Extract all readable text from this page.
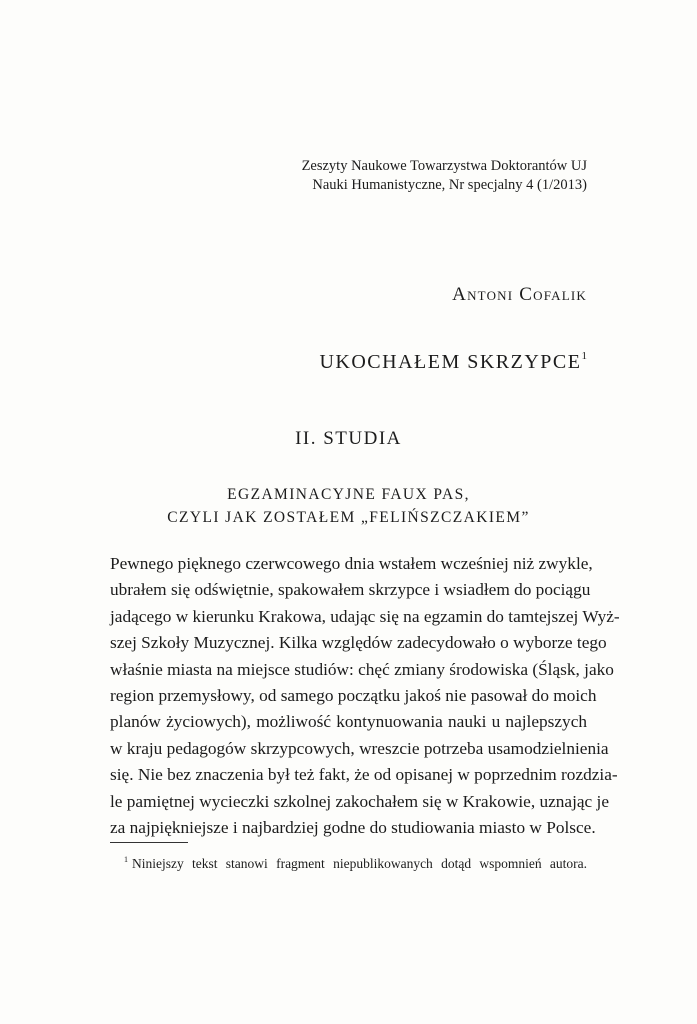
Zeszyty Naukowe Towarzystwa Doktorantów UJ
Nauki Humanistyczne, Nr specjalny 4 (1/2013)
Antoni Cofalik
UKOCHAŁEM SKRZYPCE$^1$
II. STUDIA
EGZAMINACYJNE FAUX PAS,
CZYLI JAK ZOSTAŁEM „FELIŃSZCZAKIEM”
Pewnego pięknego czerwcowego dnia wstałem wcześniej niż zwykle,
ubrałem się odświętnie, spakowałem skrzypce i wsiadłem do pociągu
jadącego w kierunku Krakowa, udając się na egzamin do tamtejszej Wyż-
szej Szkoły Muzycznej. Kilka względów zadecydowało o wyborze tego
właśnie miasta na miejsce studiów: chęć zmiany środowiska (Śląsk, jako
region przemysłowy, od samego początku jakoś nie pasował do moich
planów życiowych), możliwość kontynuowania nauki u najlepszych
w kraju pedagogów skrzypcowych, wreszcie potrzeba usamodzielnienia
się. Nie bez znaczenia był też fakt, że od opisanej w poprzednim rozdzia-
le pamiętnej wycieczki szkolnej zakochałem się w Krakowie, uznając je
za najpiękniejsze i najbardziej godne do studiowania miasto w Polsce.
$^1$ Niniejszy tekst stanowi fragment niepublikowanych dotąd wspomnień autora.
